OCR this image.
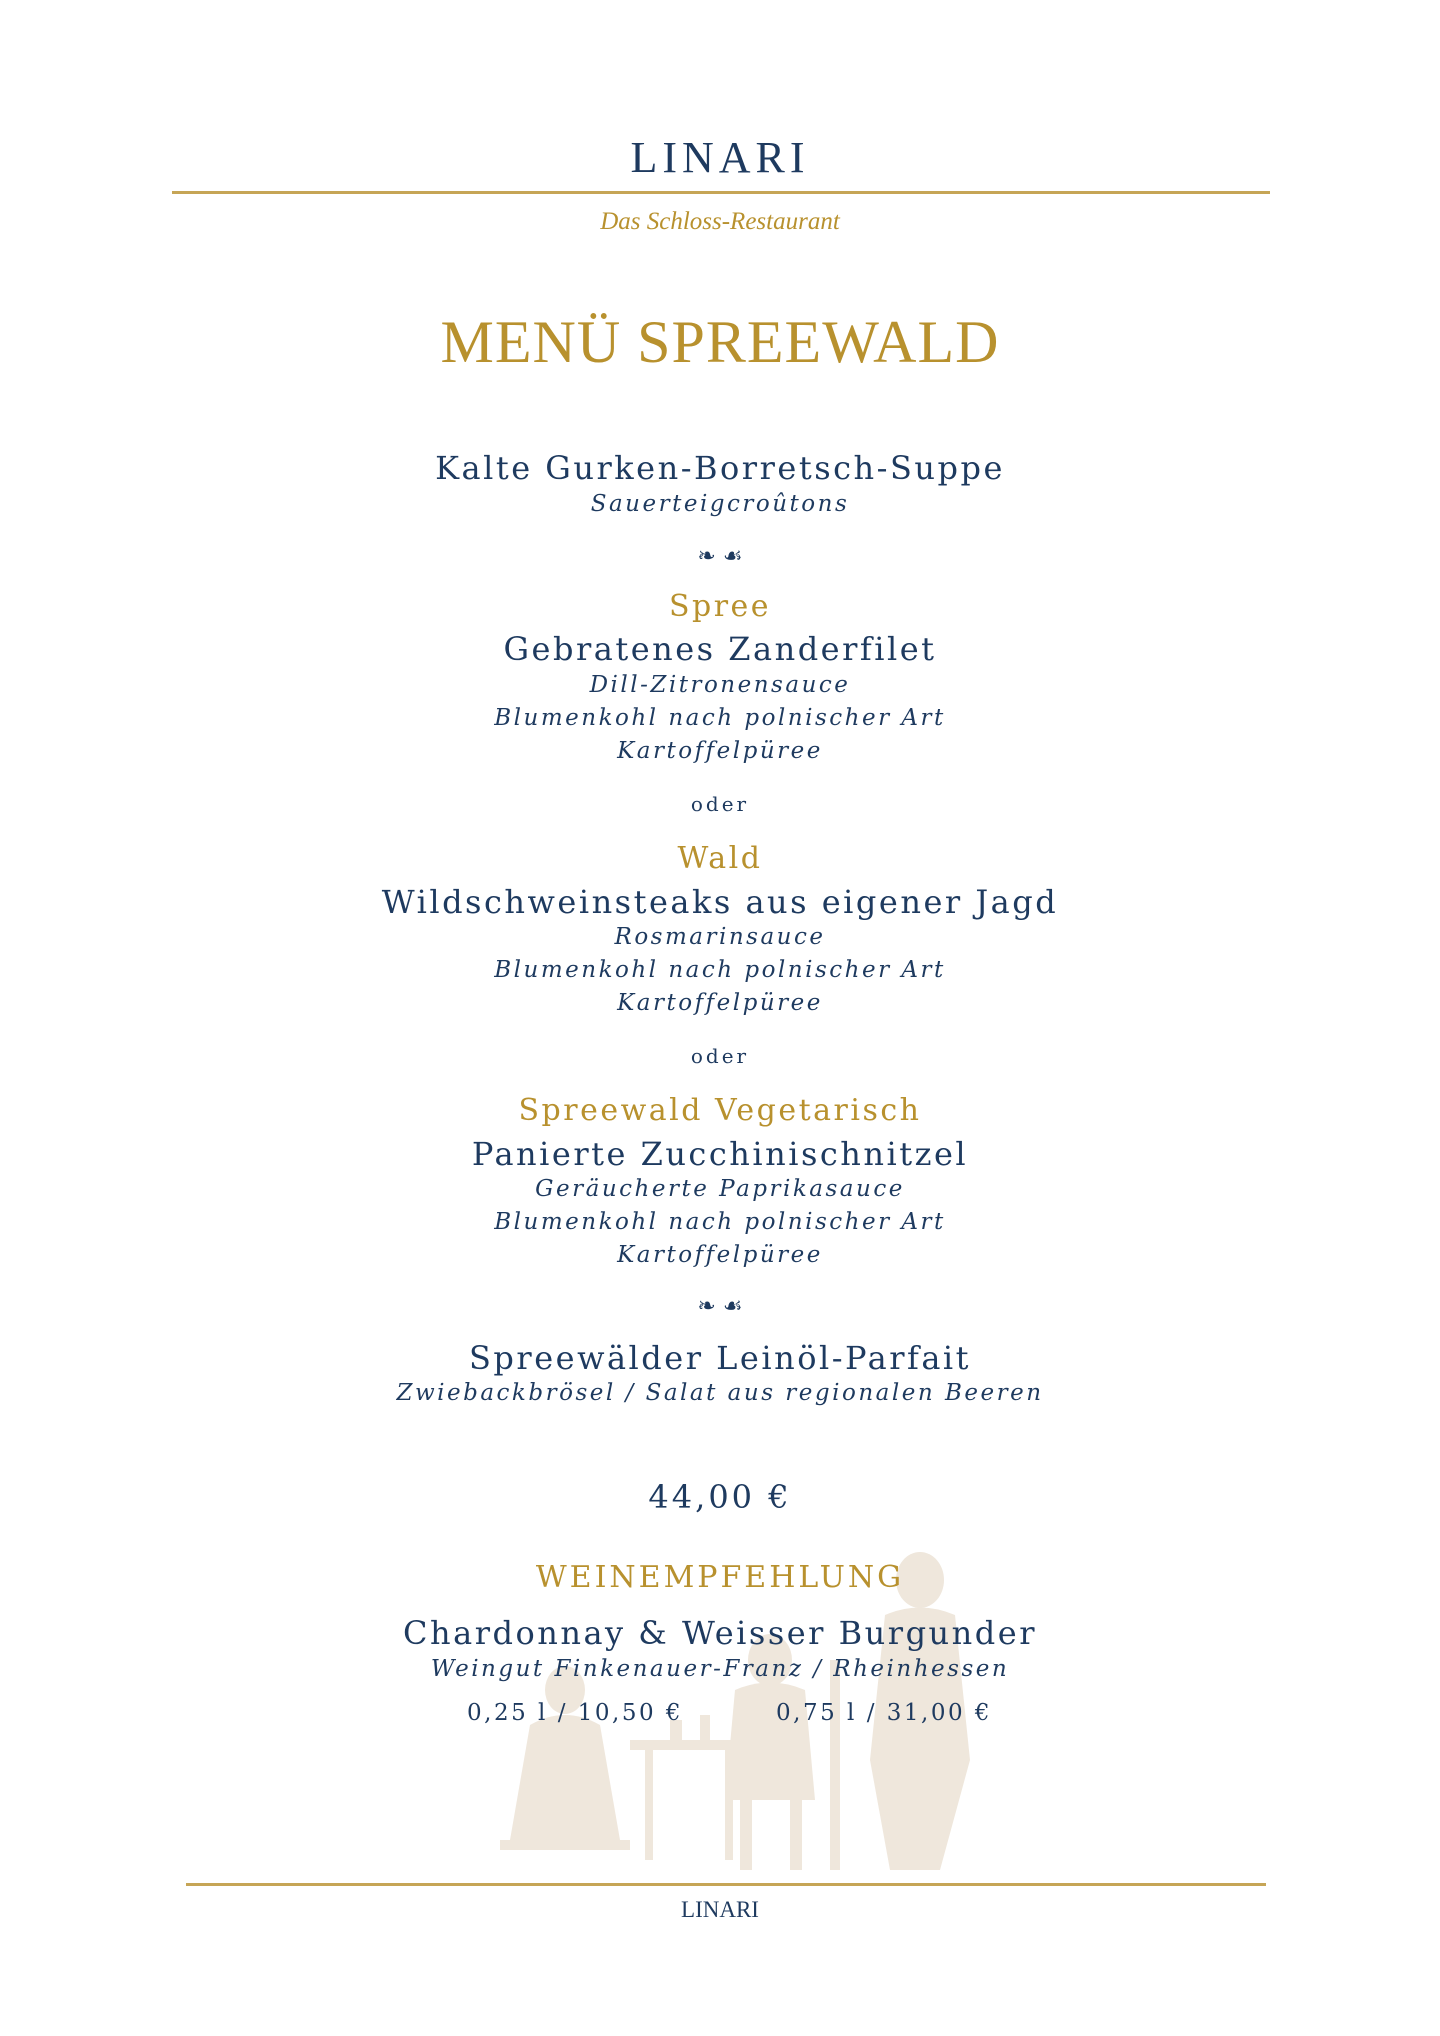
LINARI
Das Schloss-Restaurant
MENÜ SPREEWALD
Kalte Gurken-Borretsch-Suppe
Sauerteigcroûtons
❧ ☙
Spree
Gebratenes Zanderfilet
Dill-Zitronensauce
Blumenkohl nach polnischer Art
Kartoffelpüree
oder
Wald
Wildschweinsteaks aus eigener Jagd
Rosmarinsauce
Blumenkohl nach polnischer Art
Kartoffelpüree
oder
Spreewald Vegetarisch
Panierte Zucchinischnitzel
Geräucherte Paprikasauce
Blumenkohl nach polnischer Art
Kartoffelpüree
❧ ☙
Spreewälder Leinöl-Parfait
Zwiebackbrösel / Salat aus regionalen Beeren
44,00 €
WEINEMPFEHLUNG
Chardonnay & Weisser Burgunder
Weingut Finkenauer-Franz / Rheinhessen
0,25 l / 10,50 €	0,75 l / 31,00 €
LINARI
